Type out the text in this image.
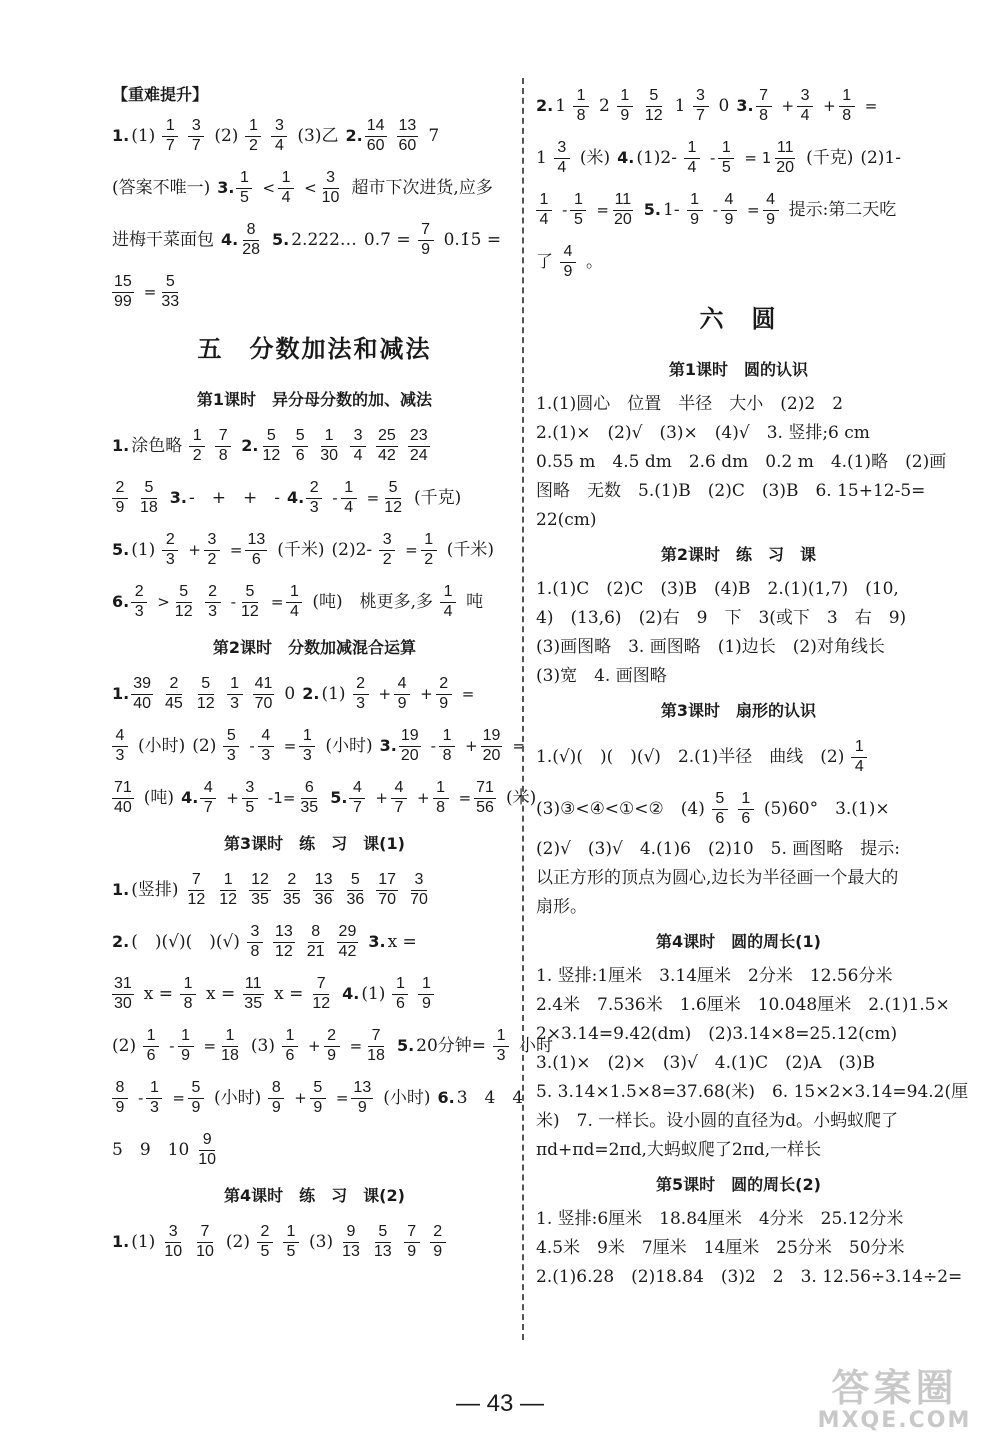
【重难提升】
1. (1)
1
7
3
7 (2)
1
2
3
4 (3)乙 2.
14
60
13
60 7
(答案不唯一) 3.
1
5
<
1
4
<
3
10 超市下次进货,应多
进梅干菜面包 4.
8
28 5. 2.222… 0.7̇ = $\frac{7}{9}$ 0.1̇5̇ =
$\frac{15}{99} = \frac{5}{33}$
五　分数加法和减法
第1课时　异分母分数的加、减法
1. 涂色略
1
2
7
8 2.
5
12
5
6
1
30
3
4
25
42
23
24
2
9
5
18 3. -　+　+　- 4.
2
3
- $\frac{1}{4} = \frac{5}{12}$ (千克)
5. (1)
2
3
+ $\frac{3}{2} = \frac{13}{6}$ (千米) $(2)2- \frac{3}{2} = \frac{1}{2}$ (千米)
6.
2
3
>
5
12
2
3
- $\frac{5}{12} = \frac{1}{4}$ (吨)　桃更多,多
1
4 吨
第2课时　分数加减混合运算
1.
39
40
2
45
5
12
1
3
41
70 0 2. (1)
2
3
+ $\frac{4}{9} + \frac{2}{9}$ =
4
3 (小时) (2)
5
3
- $\frac{4}{3} = \frac{1}{3}$ (小时) 3.
19
20
-
1
8
+ $\frac{19}{20}$ =
71
40 (吨) 4.
4
7
+ $\frac{3}{5} -1= \frac{6}{35} 5$.
4
7
+ $\frac{4}{7} + \frac{1}{8} = \frac{71}{56}$ (米)
第3课时　练　习　课(1)
1. (竖排)
7
12
1
12
12
35
2
35
13
36
5
36
17
70
3
70
2. (　)(√)(　)(√)
3
8
13
12
8
21
29
42 3. x =
31
30 $x = \frac{1}{8}$ $x = \frac{11}{35}$ $x = \frac{7}{12} 4$. (1)
1
6
1
9
(2)
1
6
- $\frac{1}{9} = \frac{1}{18} (3)$
1
6
+ $\frac{2}{9} = \frac{7}{18} 5$. 20分钟= $\frac{1}{3}$ 小时
8
9
- $\frac{1}{3} = \frac{5}{9}$ (小时)
8
9
+ $\frac{5}{9} = \frac{13}{9}$ (小时) 6. 3　4　4
5　9　10
9
10
第4课时　练　习　课(2)
1. (1)
3
10
7
10 (2)
2
5
1
5 (3)
9
13
5
13
7
9
2
9
2. 1
1
8 2
1
9
5
12 1
3
7 0 3.
7
8
+ $\frac{3}{4} + \frac{1}{8}$ =
1
3
4 (米) 4. (1)2-
1
4
- $\frac{1}{5} = 1$
11
20 (千克) (2)1-
1
4
- $\frac{1}{5} = \frac{11}{20} 5$. 1-
1
9
- $\frac{4}{9} = \frac{4}{9}$ 提示:第二天吃
了
4
9 。
六　圆
第1课时　圆的认识
1.(1)圆心　位置　半径　大小　(2)2　2
2.(1)×　(2)√　(3)×　(4)√　3. 竖排;6 cm
0.55 m　4.5 dm　2.6 dm　0.2 m　4.(1)略　(2)画
图略　无数　5.(1)B　(2)C　(3)B　6. 15+12-5=
22(cm)
第2课时　练　习　课
1.(1)C　(2)C　(3)B　(4)B　2.(1)(1,7)　(10,
4)　(13,6)　(2)右　9　下　3(或下　3　右　9)
(3)画图略　3. 画图略　(1)边长　(2)对角线长
(3)宽　4. 画图略
第3课时　扇形的认识
1.(√)(　)(　)(√)　2.(1)半径　曲线　(2)
1
4
(3)③<④<①<②　(4)
5
6
1
6 (5)60°　3.(1)×
(2)√　(3)√　4.(1)6　(2)10　5. 画图略　提示:
以正方形的顶点为圆心,边长为半径画一个最大的
扇形。
第4课时　圆的周长(1)
1. 竖排:1厘米　3.14厘米　2分米　12.56分米
2.4米　7.536米　1.6厘米　10.048厘米　2.(1)1.5×
2×3.14=9.42(dm)　(2)3.14×8=25.12(cm)
3.(1)×　(2)×　(3)√　4.(1)C　(2)A　(3)B
5. 3.14×1.5×8=37.68(米)　6. 15×2×3.14=94.2(厘
米)　7. 一样长。设小圆的直径为d。小蚂蚁爬了
πd+πd=2πd,大蚂蚁爬了2πd,一样长
第5课时　圆的周长(2)
1. 竖排:6厘米　18.84厘米　4分米　25.12分米
4.5米　9米　7厘米　14厘米　25分米　50分米
2.(1)6.28　(2)18.84　(3)2　2　3. 12.56÷3.14÷2=
— 43 —	答案圈
MXQE.COM
